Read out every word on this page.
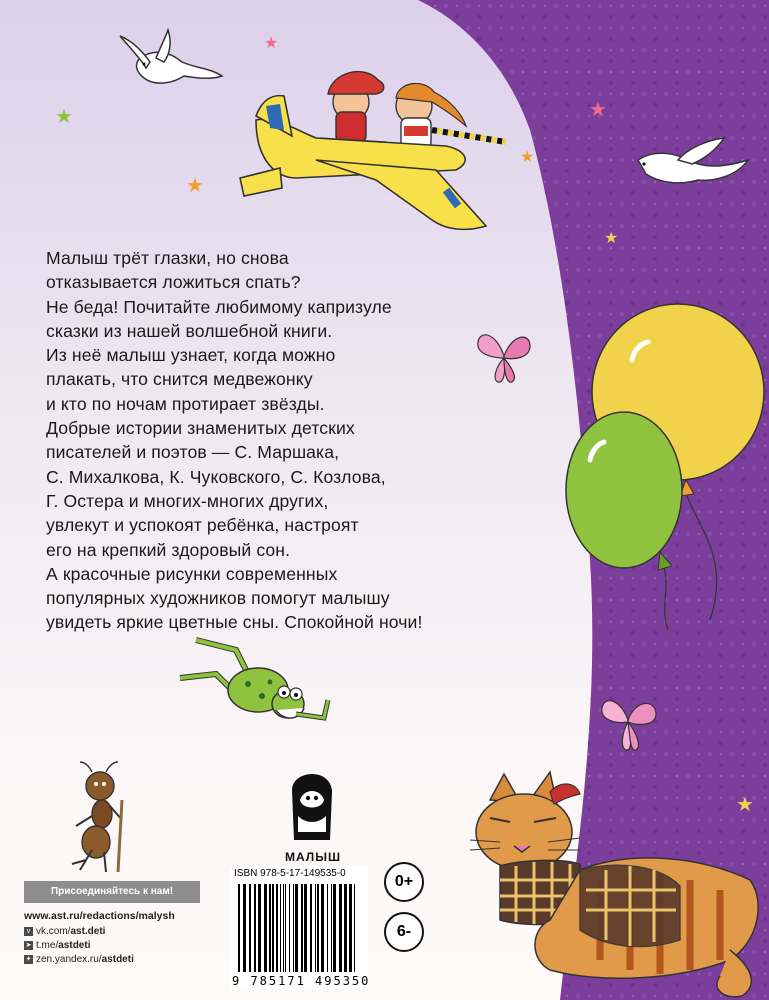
★
★
★
★
★
★
★
Малыш трёт глазки, но снова
отказывается ложиться спать?
Не беда! Почитайте любимому капризуле
сказки из нашей волшебной книги.
Из неё малыш узнает, когда можно
плакать, что снится медвежонку
и кто по ночам протирает звёзды.
Добрые истории знаменитых детских
писателей и поэтов — С. Маршака,
С. Михалкова, К. Чуковского, С. Козлова,
Г. Остера и многих-многих других,
увлекут и успокоят ребёнка, настроят
его на крепкий здоровый сон.
А красочные рисунки современных
популярных художников помогут малышу
увидеть яркие цветные сны. Спокойной ночи!
МАЛЫШ
Присоединяйтесь к нам!
www.ast.ru/redactions/malysh
v vk.com/ast.deti
➤ t.me/astdeti
✦ zen.yandex.ru/astdeti
ISBN 978-5-17-149535-0
9 785171 495350
0+
6-
